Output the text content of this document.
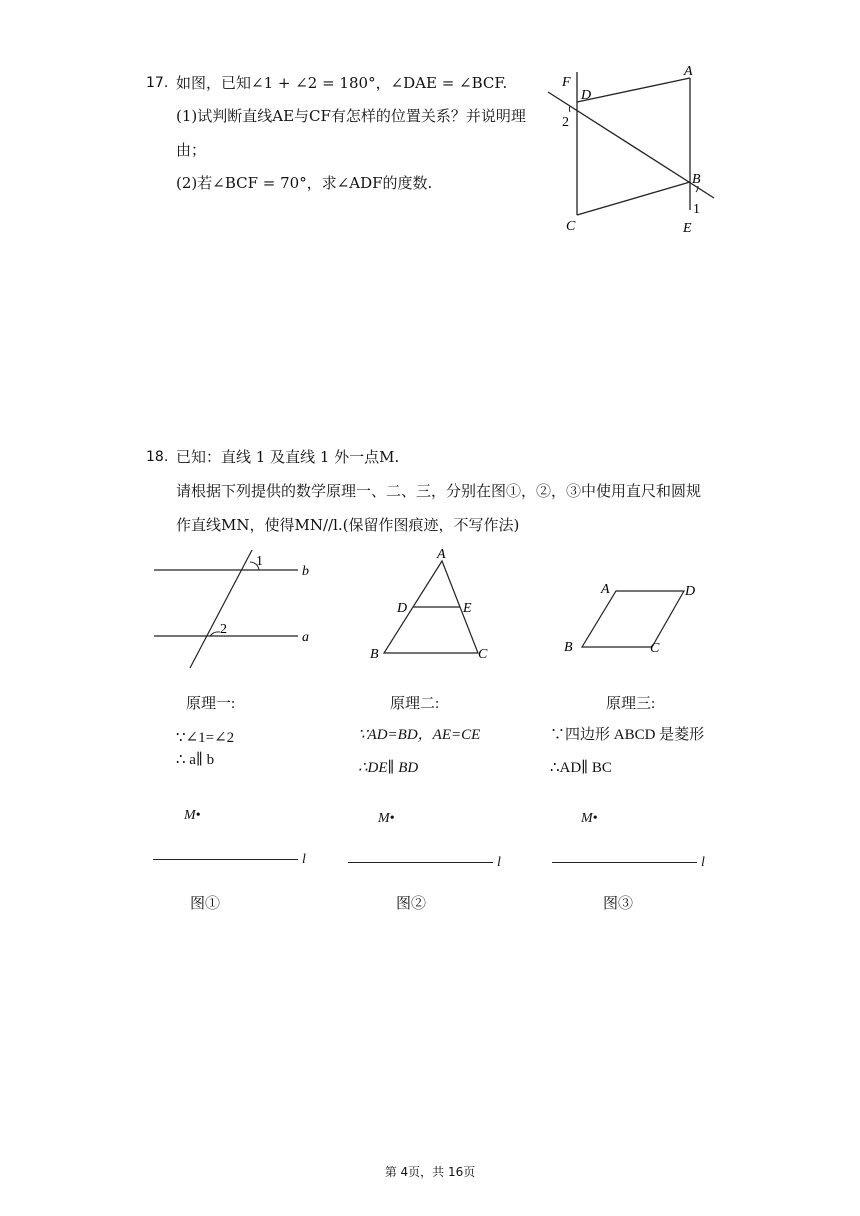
17. 如图，已知∠1 + ∠2 = 180°，∠DAE = ∠BCF.
(1)试判断直线AE与CF有怎样的位置关系？并说明理
由；
(2)若∠BCF = 70°，求∠ADF的度数.
F
D
A
2
B
1
C	E
18. 已知：直线 1 及直线 1 外一点M.
请根据下列提供的数学原理一、二、三，分别在图①，②，③中使用直尺和圆规
作直线MN，使得MN//l.(保留作图痕迹，不写作法)
1
2
b
a
A
D	E
B	C
A	D
B	C
原理一:	原理二:	原理三:
∵∠1=∠2
∴ a∥ b
∵AD=BD，AE=CE
∴DE∥ BD
∵四边形 ABCD 是菱形
∴AD∥ BC
M•	M•	M•
l	l	l
图①	图②	图③
第 4页，共 16页
